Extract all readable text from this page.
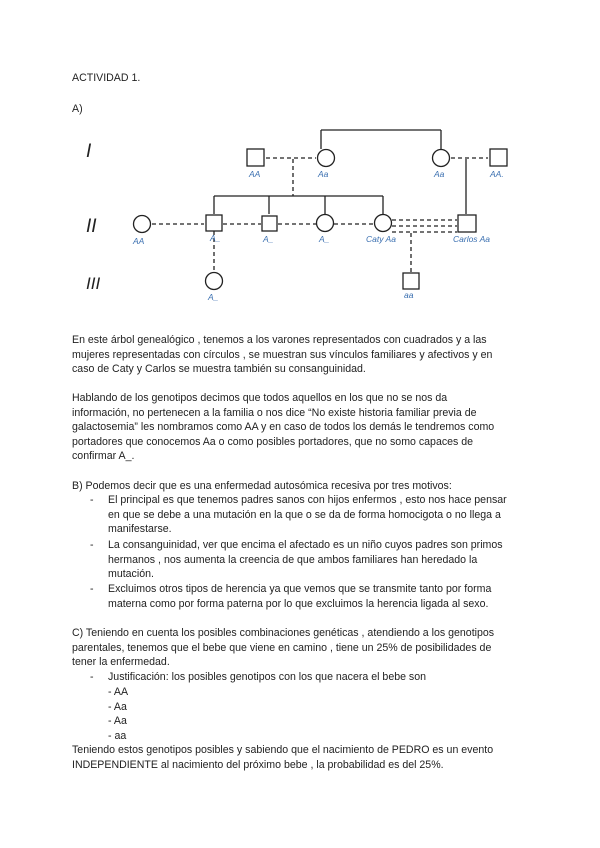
ACTIVIDAD 1.
A)
I
II
III
AA	Aa	Aa	AA.
AA	A_	A_	A_	Caty Aa	Carlos Aa
A_	aa
En este árbol genealógico , tenemos a los varones representados con cuadrados y a las
mujeres representadas con círculos , se muestran sus vínculos familiares y afectivos y en
caso de Caty y Carlos se muestra también su consanguinidad.
Hablando de los genotipos decimos que todos aquellos en los que no se nos da
información, no pertenecen a la familia o nos dice “No existe historia familiar previa de
galactosemia” les nombramos como AA y en caso de todos los demás le tendremos como
portadores que conocemos Aa o como posibles portadores, que no somo capaces de
confirmar A_.
B) Podemos decir que es una enfermedad autosómica recesiva por tres motivos:
- El principal es que tenemos padres sanos con hijos enfermos , esto nos hace pensar
en que se debe a una mutación en la que o se da de forma homocigota o no llega a
manifestarse.
- La consanguinidad, ver que encima el afectado es un niño cuyos padres son primos
hermanos , nos aumenta la creencia de que ambos familiares han heredado la
mutación.
- Excluimos otros tipos de herencia ya que vemos que se transmite tanto por forma
materna como por forma paterna por lo que excluimos la herencia ligada al sexo.
C) Teniendo en cuenta los posibles combinaciones genéticas , atendiendo a los genotipos
parentales, tenemos que el bebe que viene en camino , tiene un 25% de posibilidades de
tener la enfermedad.
- Justificación: los posibles genotipos con los que nacera el bebe son
- AA
- Aa
- Aa
- aa
Teniendo estos genotipos posibles y sabiendo que el nacimiento de PEDRO es un evento
INDEPENDIENTE al nacimiento del próximo bebe , la probabilidad es del 25%.
